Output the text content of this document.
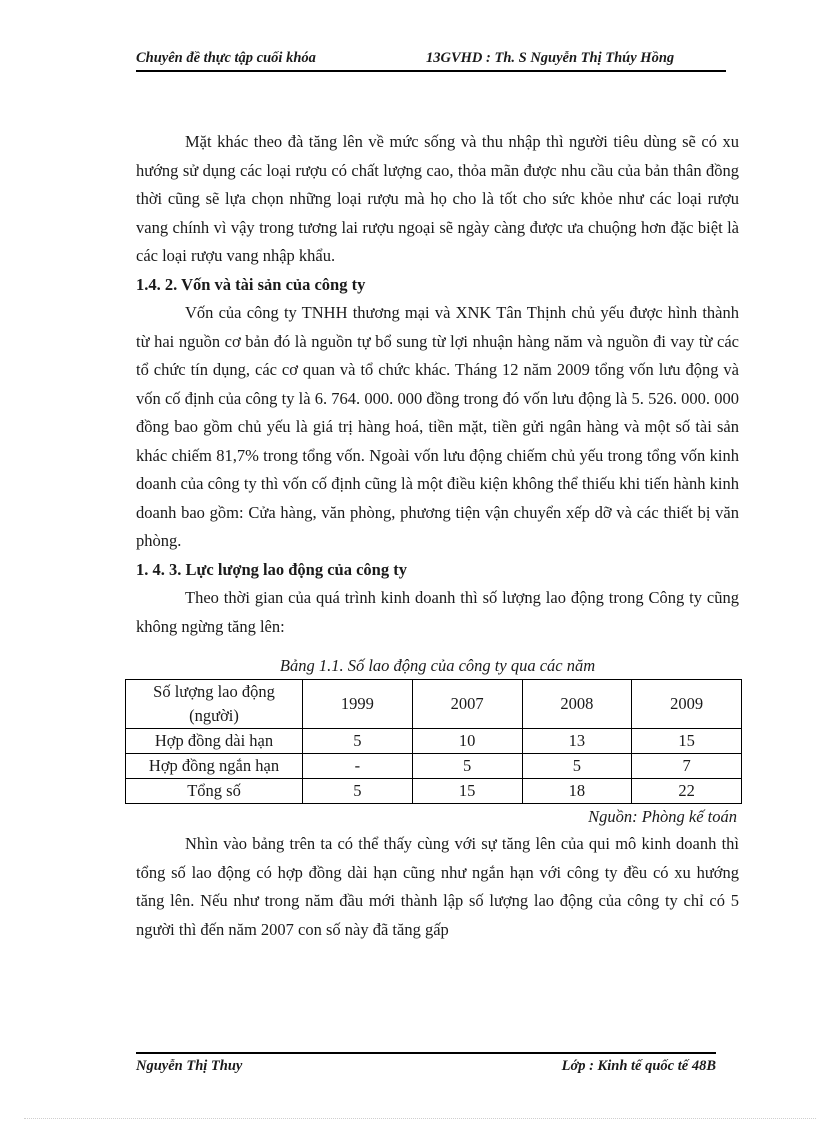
Chuyên đề thực tập cuối khóa	13GVHD : Th. S Nguyễn Thị Thúy Hồng

Mặt khác theo đà tăng lên về mức sống và thu nhập thì người tiêu dùng sẽ có xu hướng sử dụng các loại rượu có chất lượng cao, thỏa mãn được nhu cầu của bản thân đồng thời cũng sẽ lựa chọn những loại rượu mà họ cho là tốt cho sức khỏe như các loại rượu vang chính vì vậy trong tương lai rượu ngoại sẽ ngày càng được ưa chuộng hơn đặc biệt là các loại rượu vang nhập khẩu.

1.4. 2. Vốn và tài sản của công ty

Vốn của công ty TNHH thương mại và XNK Tân Thịnh chủ yếu được hình thành từ hai nguồn cơ bản đó là nguồn tự bổ sung từ lợi nhuận hàng năm và nguồn đi vay từ các tổ chức tín dụng, các cơ quan và tổ chức khác. Tháng 12 năm 2009 tổng vốn lưu động và vốn cố định của công ty là 6. 764. 000. 000 đồng trong đó vốn lưu động là 5. 526. 000. 000 đồng bao gồm chủ yếu là giá trị hàng hoá, tiền mặt, tiền gửi ngân hàng và một số tài sản khác chiếm 81,7% trong tổng vốn. Ngoài vốn lưu động chiếm chủ yếu trong tổng vốn kinh doanh của công ty thì vốn cố định cũng là một điều kiện không thể thiếu khi tiến hành kinh doanh bao gồm: Cửa hàng, văn phòng, phương tiện vận chuyển xếp dỡ và các thiết bị văn phòng.

1. 4. 3. Lực lượng lao động của công ty

Theo thời gian của quá trình kinh doanh thì số lượng lao động trong Công ty cũng không ngừng tăng lên:

Bảng 1.1. Số lao động của công ty qua các năm
Số lượng lao động (người)	1999	2007	2008	2009
Hợp đồng dài hạn	5	10	13	15
Hợp đồng ngắn hạn	-	5	5	7
Tổng số	5	15	18	22
Nguồn: Phòng kế toán

Nhìn vào bảng trên ta có thể thấy cùng với sự tăng lên của qui mô kinh doanh thì tổng số lao động có hợp đồng dài hạn cũng như ngắn hạn với công ty đều có xu hướng tăng lên. Nếu như trong năm đầu mới thành lập số lượng lao động của công ty chỉ có 5 người thì đến năm 2007 con số này đã tăng gấp

Nguyễn Thị Thuy	Lớp : Kinh tế quốc tế 48B
